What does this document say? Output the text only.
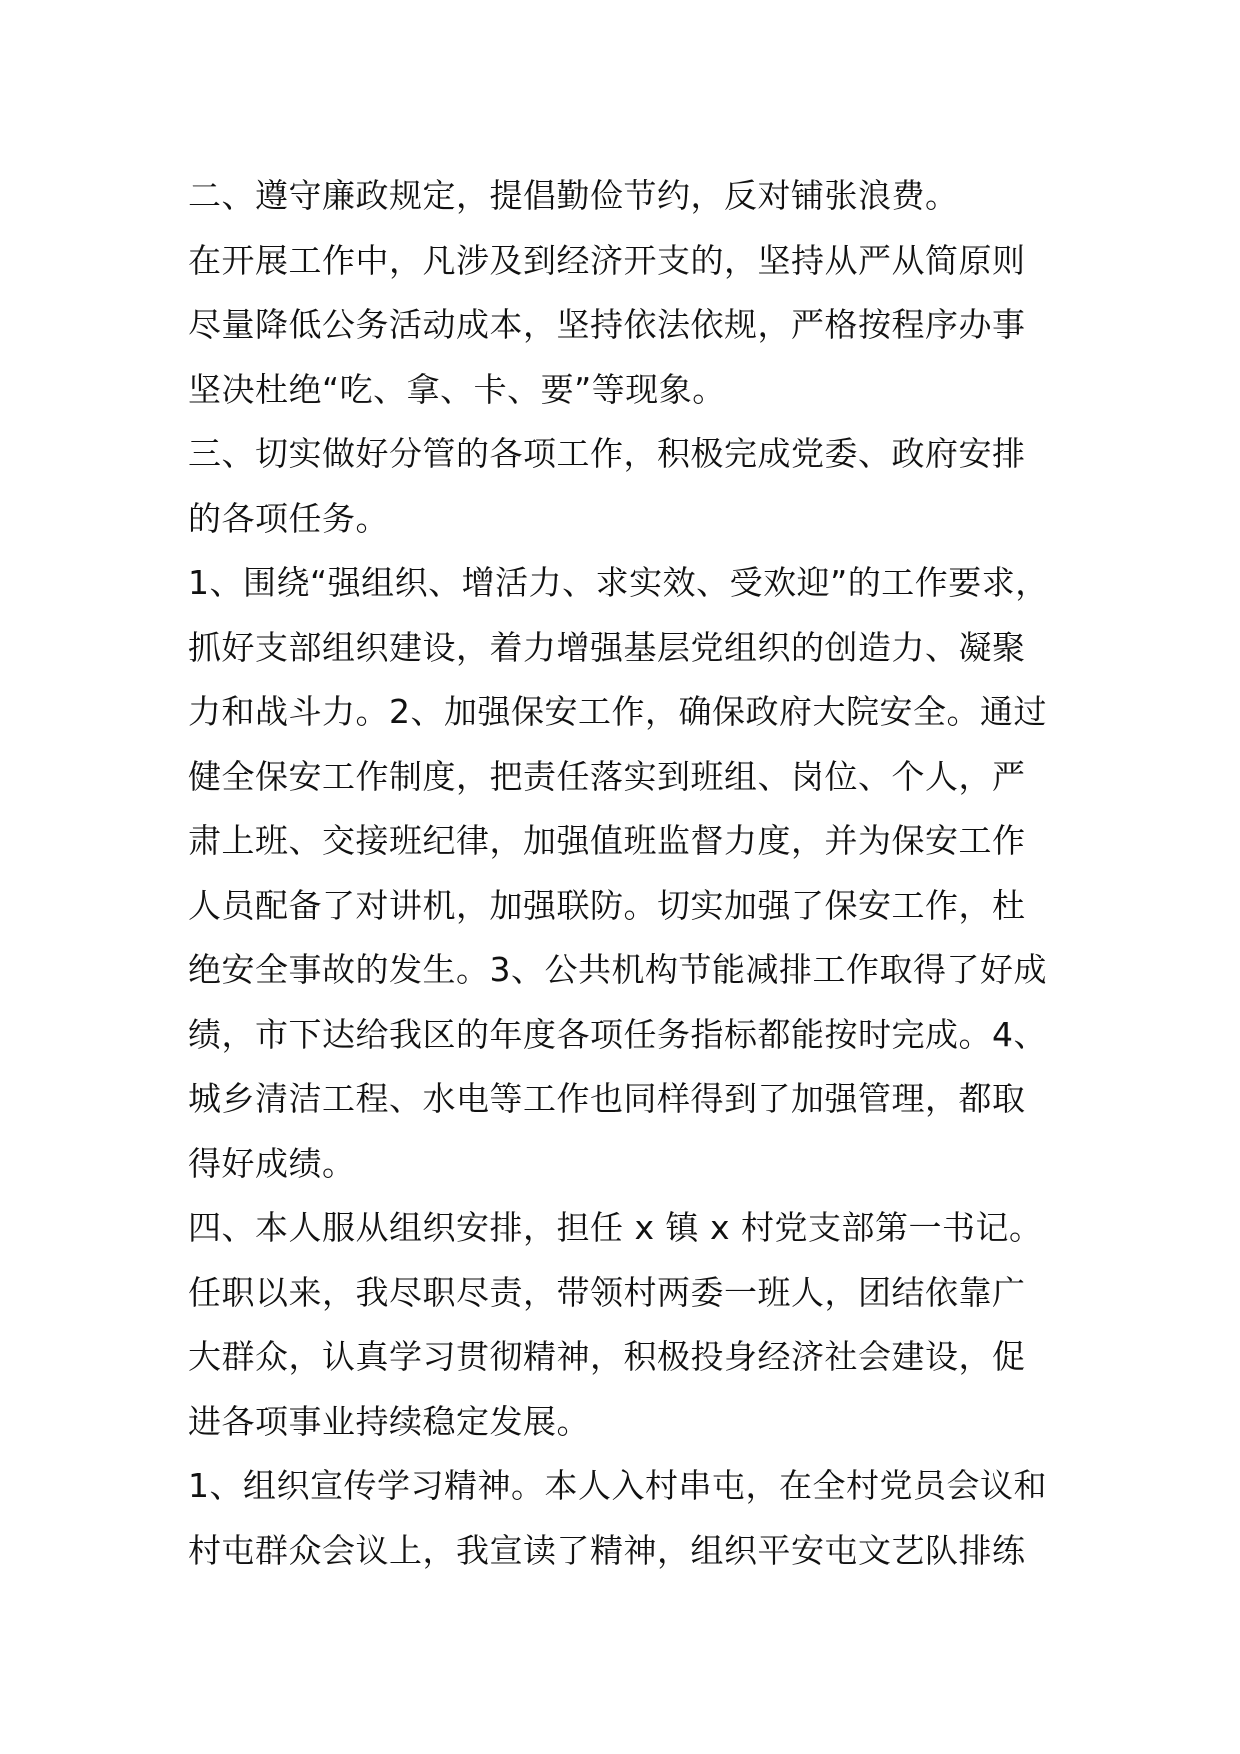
二、遵守廉政规定，提倡勤俭节约，反对铺张浪费。
在开展工作中，凡涉及到经济开支的，坚持从严从简原则
尽量降低公务活动成本，坚持依法依规，严格按程序办事
坚决杜绝“吃、拿、卡、要”等现象。
三、切实做好分管的各项工作，积极完成党委、政府安排
的各项任务。
1、围绕“强组织、增活力、求实效、受欢迎”的工作要求，
抓好支部组织建设，着力增强基层党组织的创造力、凝聚
力和战斗力。2、加强保安工作，确保政府大院安全。通过
健全保安工作制度，把责任落实到班组、岗位、个人，严
肃上班、交接班纪律，加强值班监督力度，并为保安工作
人员配备了对讲机，加强联防。切实加强了保安工作，杜
绝安全事故的发生。3、公共机构节能减排工作取得了好成
绩，市下达给我区的年度各项任务指标都能按时完成。4、
城乡清洁工程、水电等工作也同样得到了加强管理，都取
得好成绩。
四、本人服从组织安排，担任 x 镇 x 村党支部第一书记。
任职以来，我尽职尽责，带领村两委一班人，团结依靠广
大群众，认真学习贯彻精神，积极投身经济社会建设，促
进各项事业持续稳定发展。
1、组织宣传学习精神。本人入村串屯，在全村党员会议和
村屯群众会议上，我宣读了精神，组织平安屯文艺队排练
